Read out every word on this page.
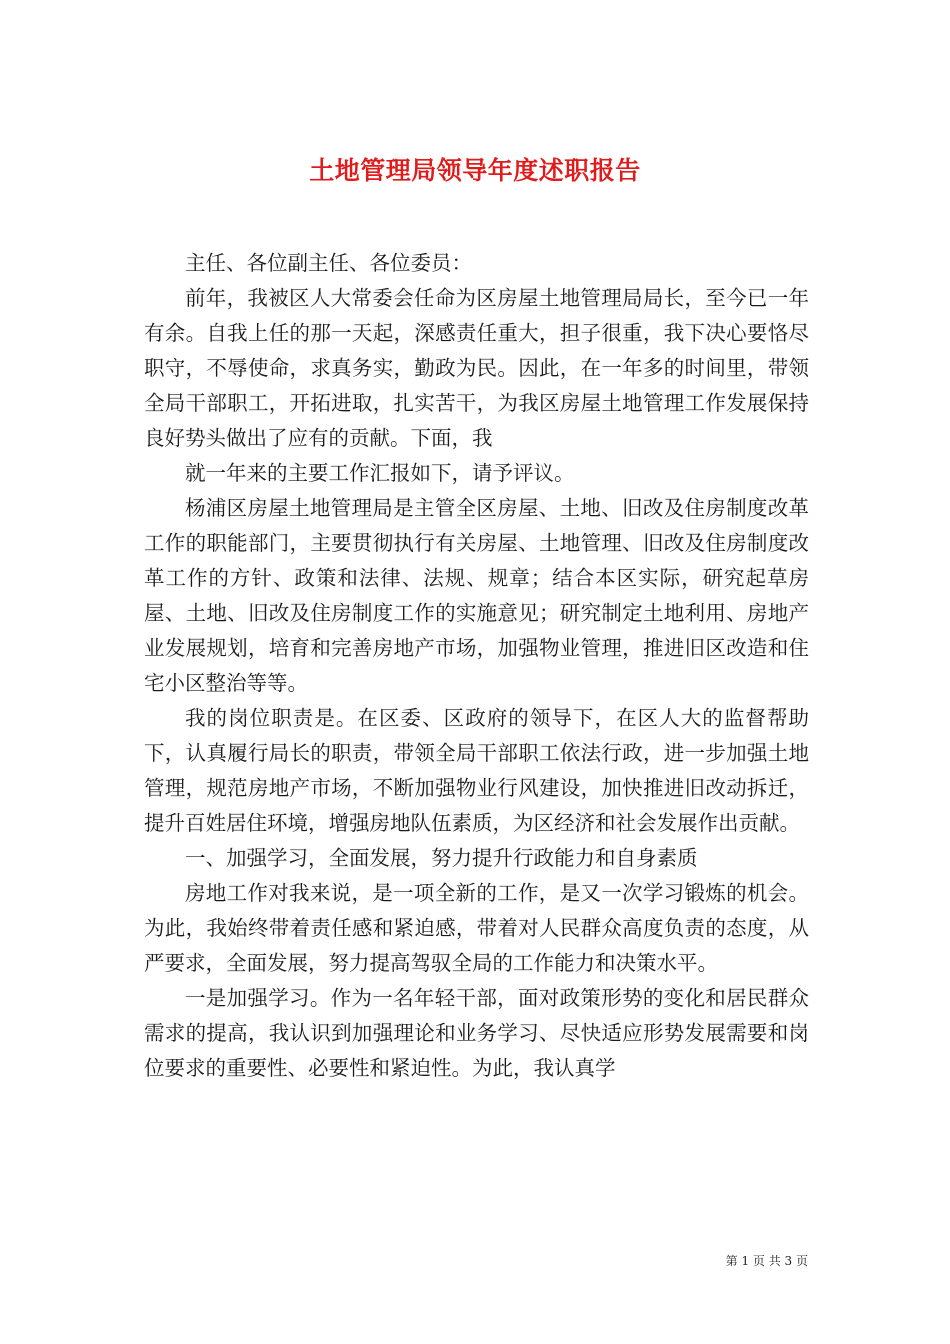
土地管理局领导年度述职报告

主任、各位副主任、各位委员：

前年，我被区人大常委会任命为区房屋土地管理局局长，至今已一年有余。自我上任的那一天起，深感责任重大，担子很重，我下决心要恪尽职守，不辱使命，求真务实，勤政为民。因此，在一年多的时间里，带领全局干部职工，开拓进取，扎实苦干，为我区房屋土地管理工作发展保持良好势头做出了应有的贡献。下面，我

就一年来的主要工作汇报如下，请予评议。

杨浦区房屋土地管理局是主管全区房屋、土地、旧改及住房制度改革工作的职能部门，主要贯彻执行有关房屋、土地管理、旧改及住房制度改革工作的方针、政策和法律、法规、规章；结合本区实际，研究起草房屋、土地、旧改及住房制度工作的实施意见；研究制定土地利用、房地产业发展规划，培育和完善房地产市场，加强物业管理，推进旧区改造和住宅小区整治等等。

我的岗位职责是。在区委、区政府的领导下，在区人大的监督帮助下，认真履行局长的职责，带领全局干部职工依法行政，进一步加强土地管理，规范房地产市场，不断加强物业行风建设，加快推进旧改动拆迁，提升百姓居住环境，增强房地队伍素质，为区经济和社会发展作出贡献。

一、加强学习，全面发展，努力提升行政能力和自身素质

房地工作对我来说，是一项全新的工作，是又一次学习锻炼的机会。为此，我始终带着责任感和紧迫感，带着对人民群众高度负责的态度，从严要求，全面发展，努力提高驾驭全局的工作能力和决策水平。

一是加强学习。作为一名年轻干部，面对政策形势的变化和居民群众需求的提高，我认识到加强理论和业务学习、尽快适应形势发展需要和岗位要求的重要性、必要性和紧迫性。为此，我认真学

第 1 页 共 3 页
